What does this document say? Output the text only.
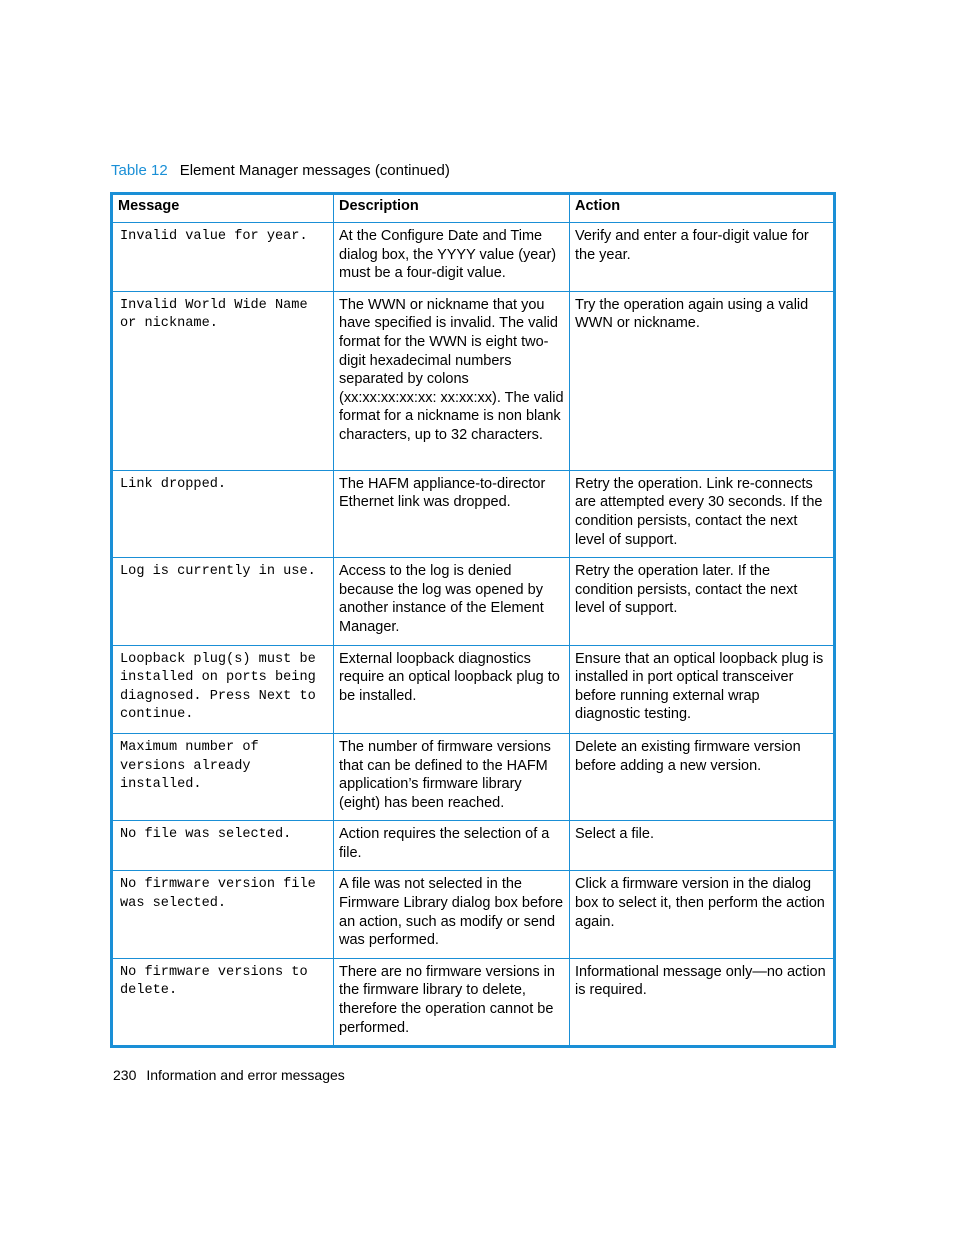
Table 12 Element Manager messages (continued)
Message	Description	Action
Invalid value for year.	At the Configure Date and Time dialog box, the YYYY value (year) must be a four-digit value.	Verify and enter a four-digit value for the year.
Invalid World Wide Name or nickname.	The WWN or nickname that you have specified is invalid. The valid format for the WWN is eight two-digit hexadecimal numbers separated by colons (xx:xx:xx:xx:xx: xx:xx:xx). The valid format for a nickname is non blank characters, up to 32 characters.	Try the operation again using a valid WWN or nickname.
Link dropped.	The HAFM appliance-to-director Ethernet link was dropped.	Retry the operation. Link re-connects are attempted every 30 seconds. If the condition persists, contact the next level of support.
Log is currently in use.	Access to the log is denied because the log was opened by another instance of the Element Manager.	Retry the operation later. If the condition persists, contact the next level of support.
Loopback plug(s) must be installed on ports being diagnosed. Press Next to continue.	External loopback diagnostics require an optical loopback plug to be installed.	Ensure that an optical loopback plug is installed in port optical transceiver before running external wrap diagnostic testing.
Maximum number of versions already installed.	The number of firmware versions that can be defined to the HAFM application’s firmware library (eight) has been reached.	Delete an existing firmware version before adding a new version.
No file was selected.	Action requires the selection of a file.	Select a file.
No firmware version file was selected.	A file was not selected in the Firmware Library dialog box before an action, such as modify or send was performed.	Click a firmware version in the dialog box to select it, then perform the action again.
No firmware versions to delete.	There are no firmware versions in the firmware library to delete, therefore the operation cannot be performed.	Informational message only—no action is required.
230 Information and error messages
